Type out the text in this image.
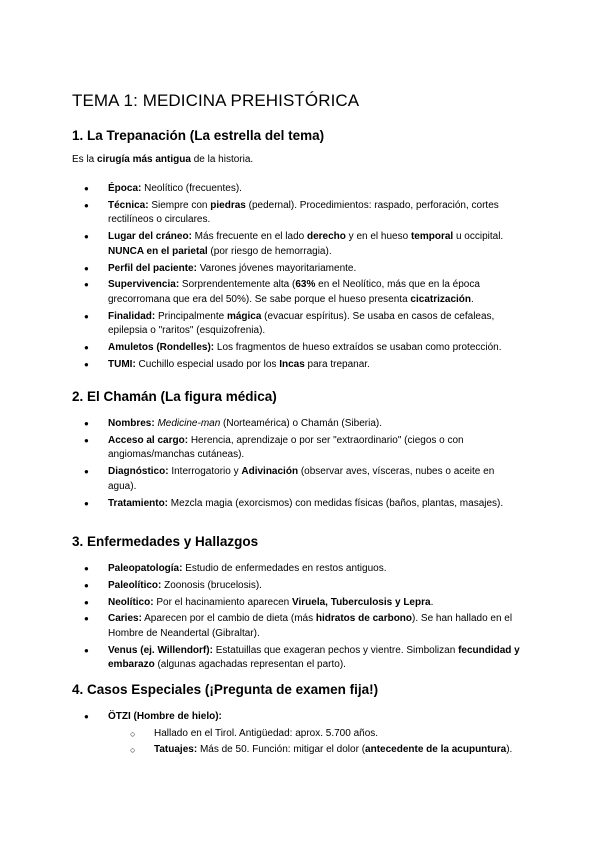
TEMA 1: MEDICINA PREHISTÓRICA
1. La Trepanación (La estrella del tema)

Es la cirugía más antigua de la historia.

● Época: Neolítico (frecuentes).
● Técnica: Siempre con piedras (pedernal). Procedimientos: raspado, perforación, cortes rectilíneos o circulares.
● Lugar del cráneo: Más frecuente en el lado derecho y en el hueso temporal u occipital. NUNCA en el parietal (por riesgo de hemorragia).
● Perfil del paciente: Varones jóvenes mayoritariamente.
● Supervivencia: Sorprendentemente alta (63% en el Neolítico, más que en la época grecorromana que era del 50%). Se sabe porque el hueso presenta cicatrización.
● Finalidad: Principalmente mágica (evacuar espíritus). Se usaba en casos de cefaleas, epilepsia o "raritos" (esquizofrenia).
● Amuletos (Rondelles): Los fragmentos de hueso extraídos se usaban como protección.
● TUMI: Cuchillo especial usado por los Incas para trepanar.
2. El Chamán (La figura médica)
● Nombres: Medicine-man (Norteamérica) o Chamán (Siberia).
● Acceso al cargo: Herencia, aprendizaje o por ser "extraordinario" (ciegos o con angiomas/manchas cutáneas).
● Diagnóstico: Interrogatorio y Adivinación (observar aves, vísceras, nubes o aceite en agua).
● Tratamiento: Mezcla magia (exorcismos) con medidas físicas (baños, plantas, masajes).
3. Enfermedades y Hallazgos
● Paleopatología: Estudio de enfermedades en restos antiguos.
● Paleolítico: Zoonosis (brucelosis).
● Neolítico: Por el hacinamiento aparecen Viruela, Tuberculosis y Lepra.
● Caries: Aparecen por el cambio de dieta (más hidratos de carbono). Se han hallado en el Hombre de Neandertal (Gibraltar).
● Venus (ej. Willendorf): Estatuillas que exageran pechos y vientre. Simbolizan fecundidad y embarazo (algunas agachadas representan el parto).
4. Casos Especiales (¡Pregunta de examen fija!)
● ÖTZI (Hombre de hielo):
○ Hallado en el Tirol. Antigüedad: aprox. 5.700 años.
○ Tatuajes: Más de 50. Función: mitigar el dolor (antecedente de la acupuntura).
